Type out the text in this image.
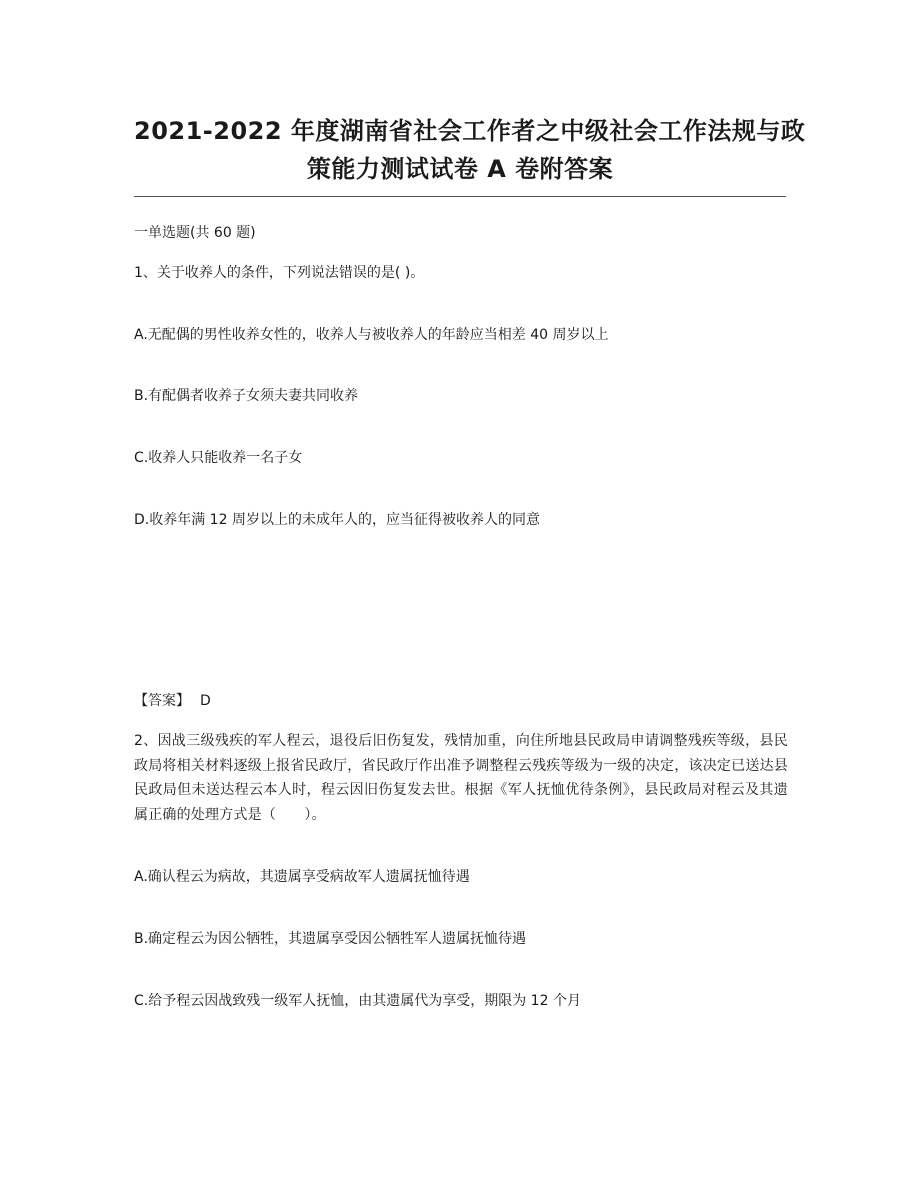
2021-2022 年度湖南省社会工作者之中级社会工作法规与政
策能力测试试卷 A 卷附答案
一单选题(共 60 题)
1、关于收养人的条件，下列说法错误的是( )。
A.无配偶的男性收养女性的，收养人与被收养人的年龄应当相差 40 周岁以上
B.有配偶者收养子女须夫妻共同收养
C.收养人只能收养一名子女
D.收养年满 12 周岁以上的未成年人的，应当征得被收养人的同意
【答案】 D
2、因战三级残疾的军人程云，退役后旧伤复发，残情加重，向住所地县民政局申请调整残疾等级，县民政局将相关材料逐级上报省民政厅，省民政厅作出准予调整程云残疾等级为一级的决定，该决定已送达县民政局但未送达程云本人时，程云因旧伤复发去世。根据《军人抚恤优待条例》，县民政局对程云及其遗属正确的处理方式是（　　）。
A.确认程云为病故，其遗属享受病故军人遗属抚恤待遇
B.确定程云为因公牺牲，其遗属享受因公牺牲军人遗属抚恤待遇
C.给予程云因战致残一级军人抚恤，由其遗属代为享受，期限为 12 个月
